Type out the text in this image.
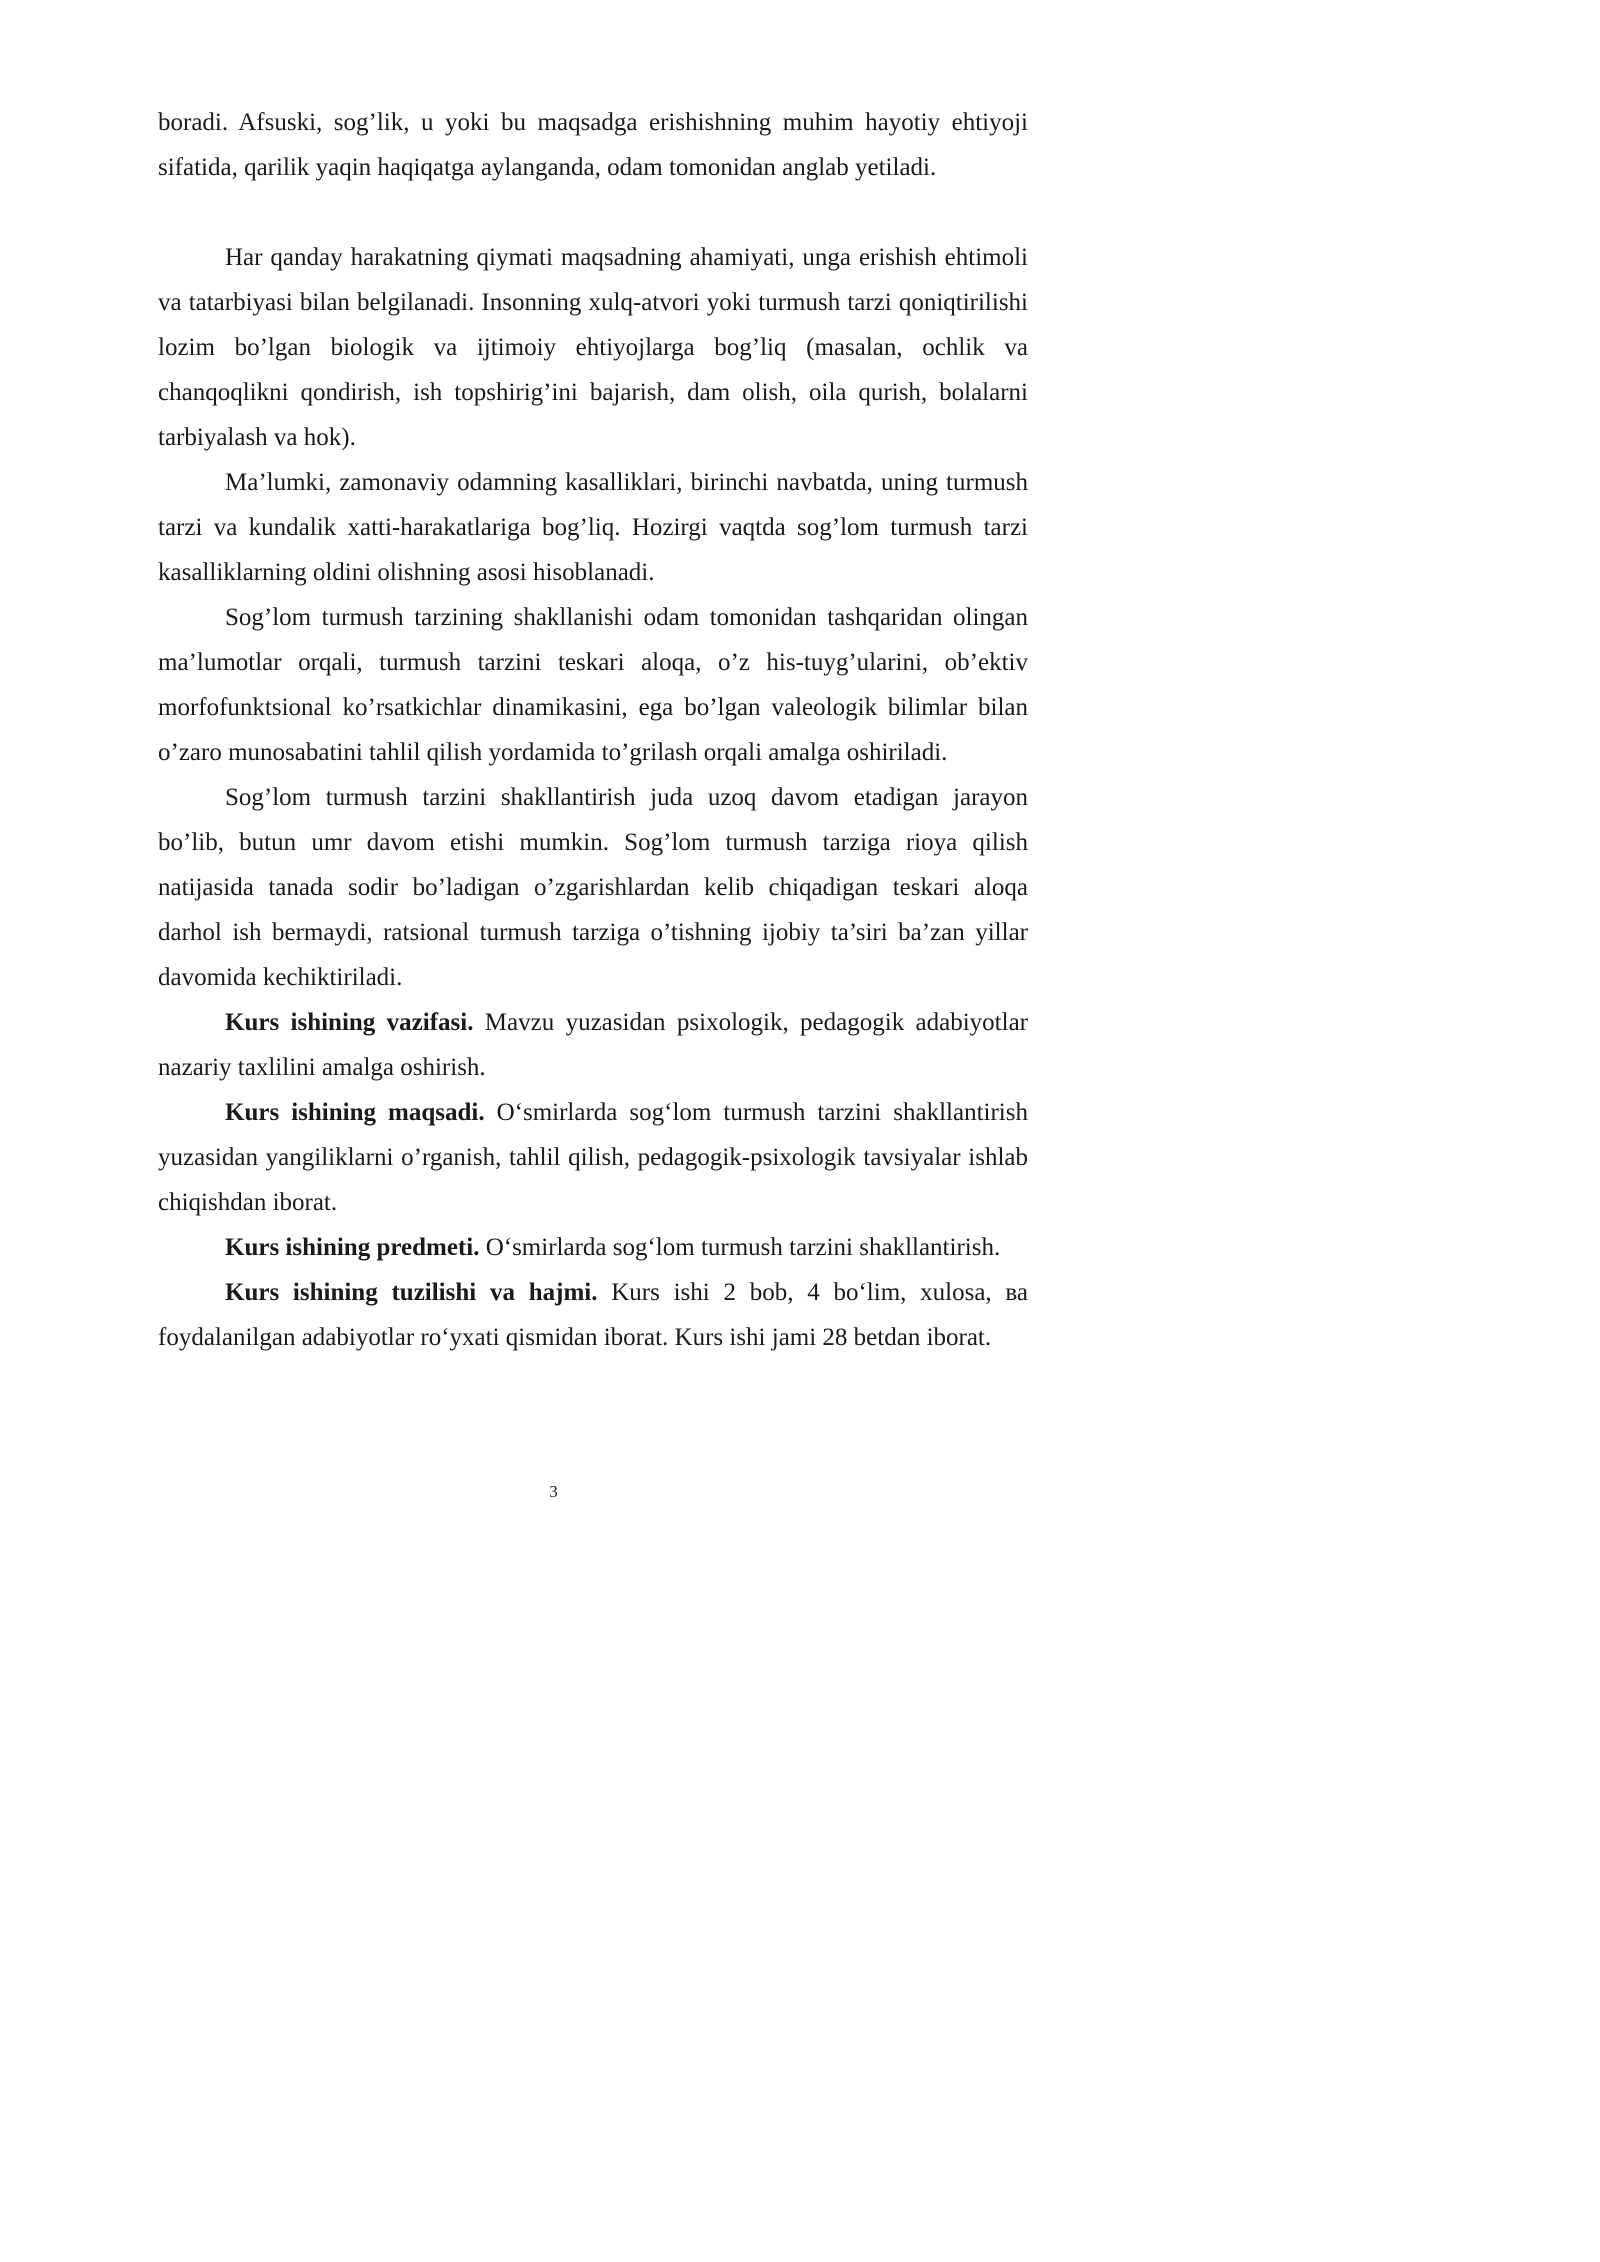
boradi. Afsuski, sog’lik, u yoki bu maqsadga erishishning muhim hayotiy ehtiyoji sifatida, qarilik yaqin haqiqatga aylanganda, odam tomonidan anglab yetiladi.

Har qanday harakatning qiymati maqsadning ahamiyati, unga erishish ehtimoli va tatarbiyasi bilan belgilanadi. Insonning xulq-atvori yoki turmush tarzi qoniqtirilishi lozim bo’lgan biologik va ijtimoiy ehtiyojlarga bog’liq (masalan, ochlik va chanqoqlikni qondirish, ish topshirig’ini bajarish, dam olish, oila qurish, bolalarni tarbiyalash va hok).

Ma’lumki, zamonaviy odamning kasalliklari, birinchi navbatda, uning turmush tarzi va kundalik xatti-harakatlariga bog’liq. Hozirgi vaqtda sog’lom turmush tarzi kasalliklarning oldini olishning asosi hisoblanadi.

Sog’lom turmush tarzining shakllanishi odam tomonidan tashqaridan olingan ma’lumotlar orqali, turmush tarzini teskari aloqa, o’z his-tuyg’ularini, ob’ektiv morfofunktsional ko’rsatkichlar dinamikasini, ega bo’lgan valeologik bilimlar bilan o’zaro munosabatini tahlil qilish yordamida to’grilash orqali amalga oshiriladi.

Sog’lom turmush tarzini shakllantirish juda uzoq davom etadigan jarayon bo’lib, butun umr davom etishi mumkin. Sog’lom turmush tarziga rioya qilish natijasida tanada sodir bo’ladigan o’zgarishlardan kelib chiqadigan teskari aloqa darhol ish bermaydi, ratsional turmush tarziga o’tishning ijobiy ta’siri ba’zan yillar davomida kechiktiriladi.

Kurs ishining vazifasi. Mavzu yuzasidan psixologik, pedagogik adabiyotlar nazariy taxlilini amalga oshirish.

Kurs ishining maqsadi. O‘smirlarda sog‘lom turmush tarzini shakllantirish yuzasidan yangiliklarni o’rganish, tahlil qilish, pedagogik-psixologik tavsiyalar ishlab chiqishdan iborat.

Kurs ishining predmeti. O‘smirlarda sog‘lom turmush tarzini shakllantirish.

Kurs ishining tuzilishi va hajmi. Kurs ishi 2 bob, 4 bo‘lim, xulosa, ва foydalanilgan adabiyotlar ro‘yxati qismidan iborat. Kurs ishi jami 28 betdan iborat.

3
